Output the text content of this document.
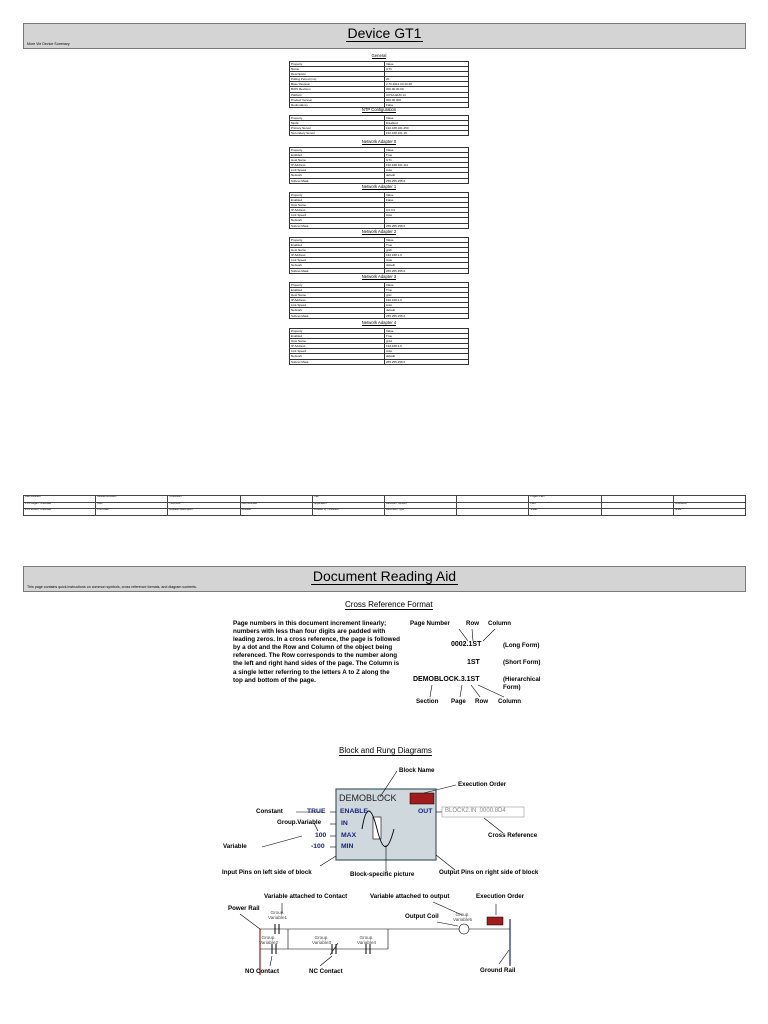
Device GT1
More Vie Device Summary
General
Property	Value
Name	GT1
Description	
Polling Period (ms)	20
Base Revision	2.70.2012.03.19.28
BIOS Revision	000.00.00.00
Platform	UCSA-ELM 14
Product Version	000.00.000
Redundancy	False
NTP Configuration
Property	Value
Mode	Disabled
Primary Server	192.168.101.250
Secondary Server	192.168.101.19
Network Adapter 0
Property	Value
Enabled	True
Host Name	GT1
IP Address	192.168.101.111
Link Speed	Auto
Network	default
Subnet Mask	255.255.255.0
Network Adapter 1
Property	Value
Enabled	False
Host Name	
IP Address	0.0.0.0
Link Speed	Auto
Network	
Subnet Mask	255.255.255.0
Network Adapter 2
Property	Value
Enabled	True
Host Name	gt1b
IP Address	192.168.1.6
Link Speed	Auto
Network	default
Subnet Mask	255.255.255.0
Network Adapter 3
Property	Value
Enabled	True
Host Name	gt1c
IP Address	192.168.2.6
Link Speed	Auto
Network	default
Subnet Mask	255.255.255.0
Network Adapter 4
Property	Value
Enabled	True
Host Name	gt1d
IP Address	192.168.3.6
Link Speed	Auto
Network	default
Subnet Mask	255.255.255.0
Last Modified	Module Revision	Checksum		Title			Project Path		
Print Began Time/Date	User	7FAC0C2	Last Modified	Application	Revision / Version		Path		Checksum
Print Ended Time/Date	Print Date	Release Description	Release	Created by / Modified	Document Type		Sheet		Scale
Document Reading Aid
This page contains quick instructions on common symbols, cross reference formats, and diagram contents.
Cross Reference Format
Page numbers in this document increment linearly; numbers with less than four digits are padded with leading zeros. In a cross reference, the page is followed by a dot and the Row and Column of the object being referenced. The Row corresponds to the number along the left and right hand sides of the page. The Column is a single letter referring to the letters A to Z along the top and bottom of the page.
Page Number	Row Column
0002.1ST	(Long Form)
1ST	(Short Form)
DEMOBLOCK.3.1ST	(Hierarchical Form)
Section Page Row Column
Block and Rung Diagrams
Block Name
Execution Order
DEMOBLOCK
ENABLE
IN
MAX
MIN
OUT
TRUE
100
-100
BLOCK2.IN  0000.8D4
Constant
Group.Variable
Variable
Cross Reference
Input Pins on left side of block	Block-specific picture	Output Pins on right side of block
Variable attached to Contact	Variable attached to output	Execution Order
Power Rail
Output Coil
Ground Rail
NO Contact	NC Contact
Group.
Variable1
Group.
Variable2
Group.
Variable3
Group.
Variable4
Group.
Variable5
